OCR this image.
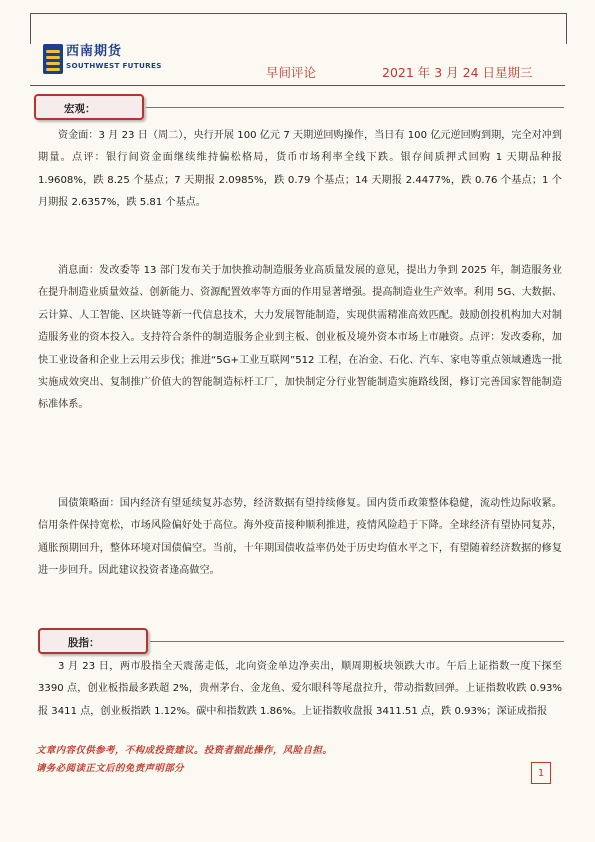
西南期货
SOUTHWEST FUTURES	早间评论	2021 年 3 月 24 日星期三
宏观：

资金面：3 月 23 日（周二），央行开展 100 亿元 7 天期逆回购操作，当日有 100 亿元逆回购到期，完全对冲到期量。点评：银行间资金面继续维持偏松格局，货币市场利率全线下跌。银存间质押式回购 1 天期品种报 1.9608%，跌 8.25 个基点；7 天期报 2.0985%，跌 0.79 个基点；14 天期报 2.4477%，跌 0.76 个基点；1 个月期报 2.6357%，跌 5.81 个基点。

消息面：发改委等 13 部门发布关于加快推动制造服务业高质量发展的意见，提出力争到 2025 年，制造服务业在提升制造业质量效益、创新能力、资源配置效率等方面的作用显著增强。提高制造业生产效率。利用 5G、大数据、云计算、人工智能、区块链等新一代信息技术，大力发展智能制造，实现供需精准高效匹配。鼓励创投机构加大对制造服务业的资本投入。支持符合条件的制造服务企业到主板、创业板及境外资本市场上市融资。点评：发改委称，加快工业设备和企业上云用云步伐；推进“5G+工业互联网”512 工程，在冶金、石化、汽车、家电等重点领域遴选一批实施成效突出、复制推广价值大的智能制造标杆工厂，加快制定分行业智能制造实施路线图，修订完善国家智能制造标准体系。

国债策略面：国内经济有望延续复苏态势，经济数据有望持续修复。国内货币政策整体稳健，流动性边际收紧。信用条件保持宽松，市场风险偏好处于高位。海外疫苗接种顺利推进，疫情风险趋于下降。全球经济有望协同复苏，通胀预期回升，整体环境对国债偏空。当前，十年期国债收益率仍处于历史均值水平之下，有望随着经济数据的修复进一步回升。因此建议投资者逢高做空。

股指：

3 月 23 日，两市股指全天震荡走低，北向资金单边净卖出，顺周期板块领跌大市。午后上证指数一度下探至 3390 点，创业板指最多跌超 2%，贵州茅台、金龙鱼、爱尔眼科等尾盘拉升，带动指数回弹。上证指数收跌 0.93% 报 3411 点，创业板指跌 1.12%。碳中和指数跌 1.86%。上证指数收盘报 3411.51 点，跌 0.93%；深证成指报

文章内容仅供参考，不构成投资建议。投资者据此操作，风险自担。
请务必阅读正文后的免责声明部分	1
